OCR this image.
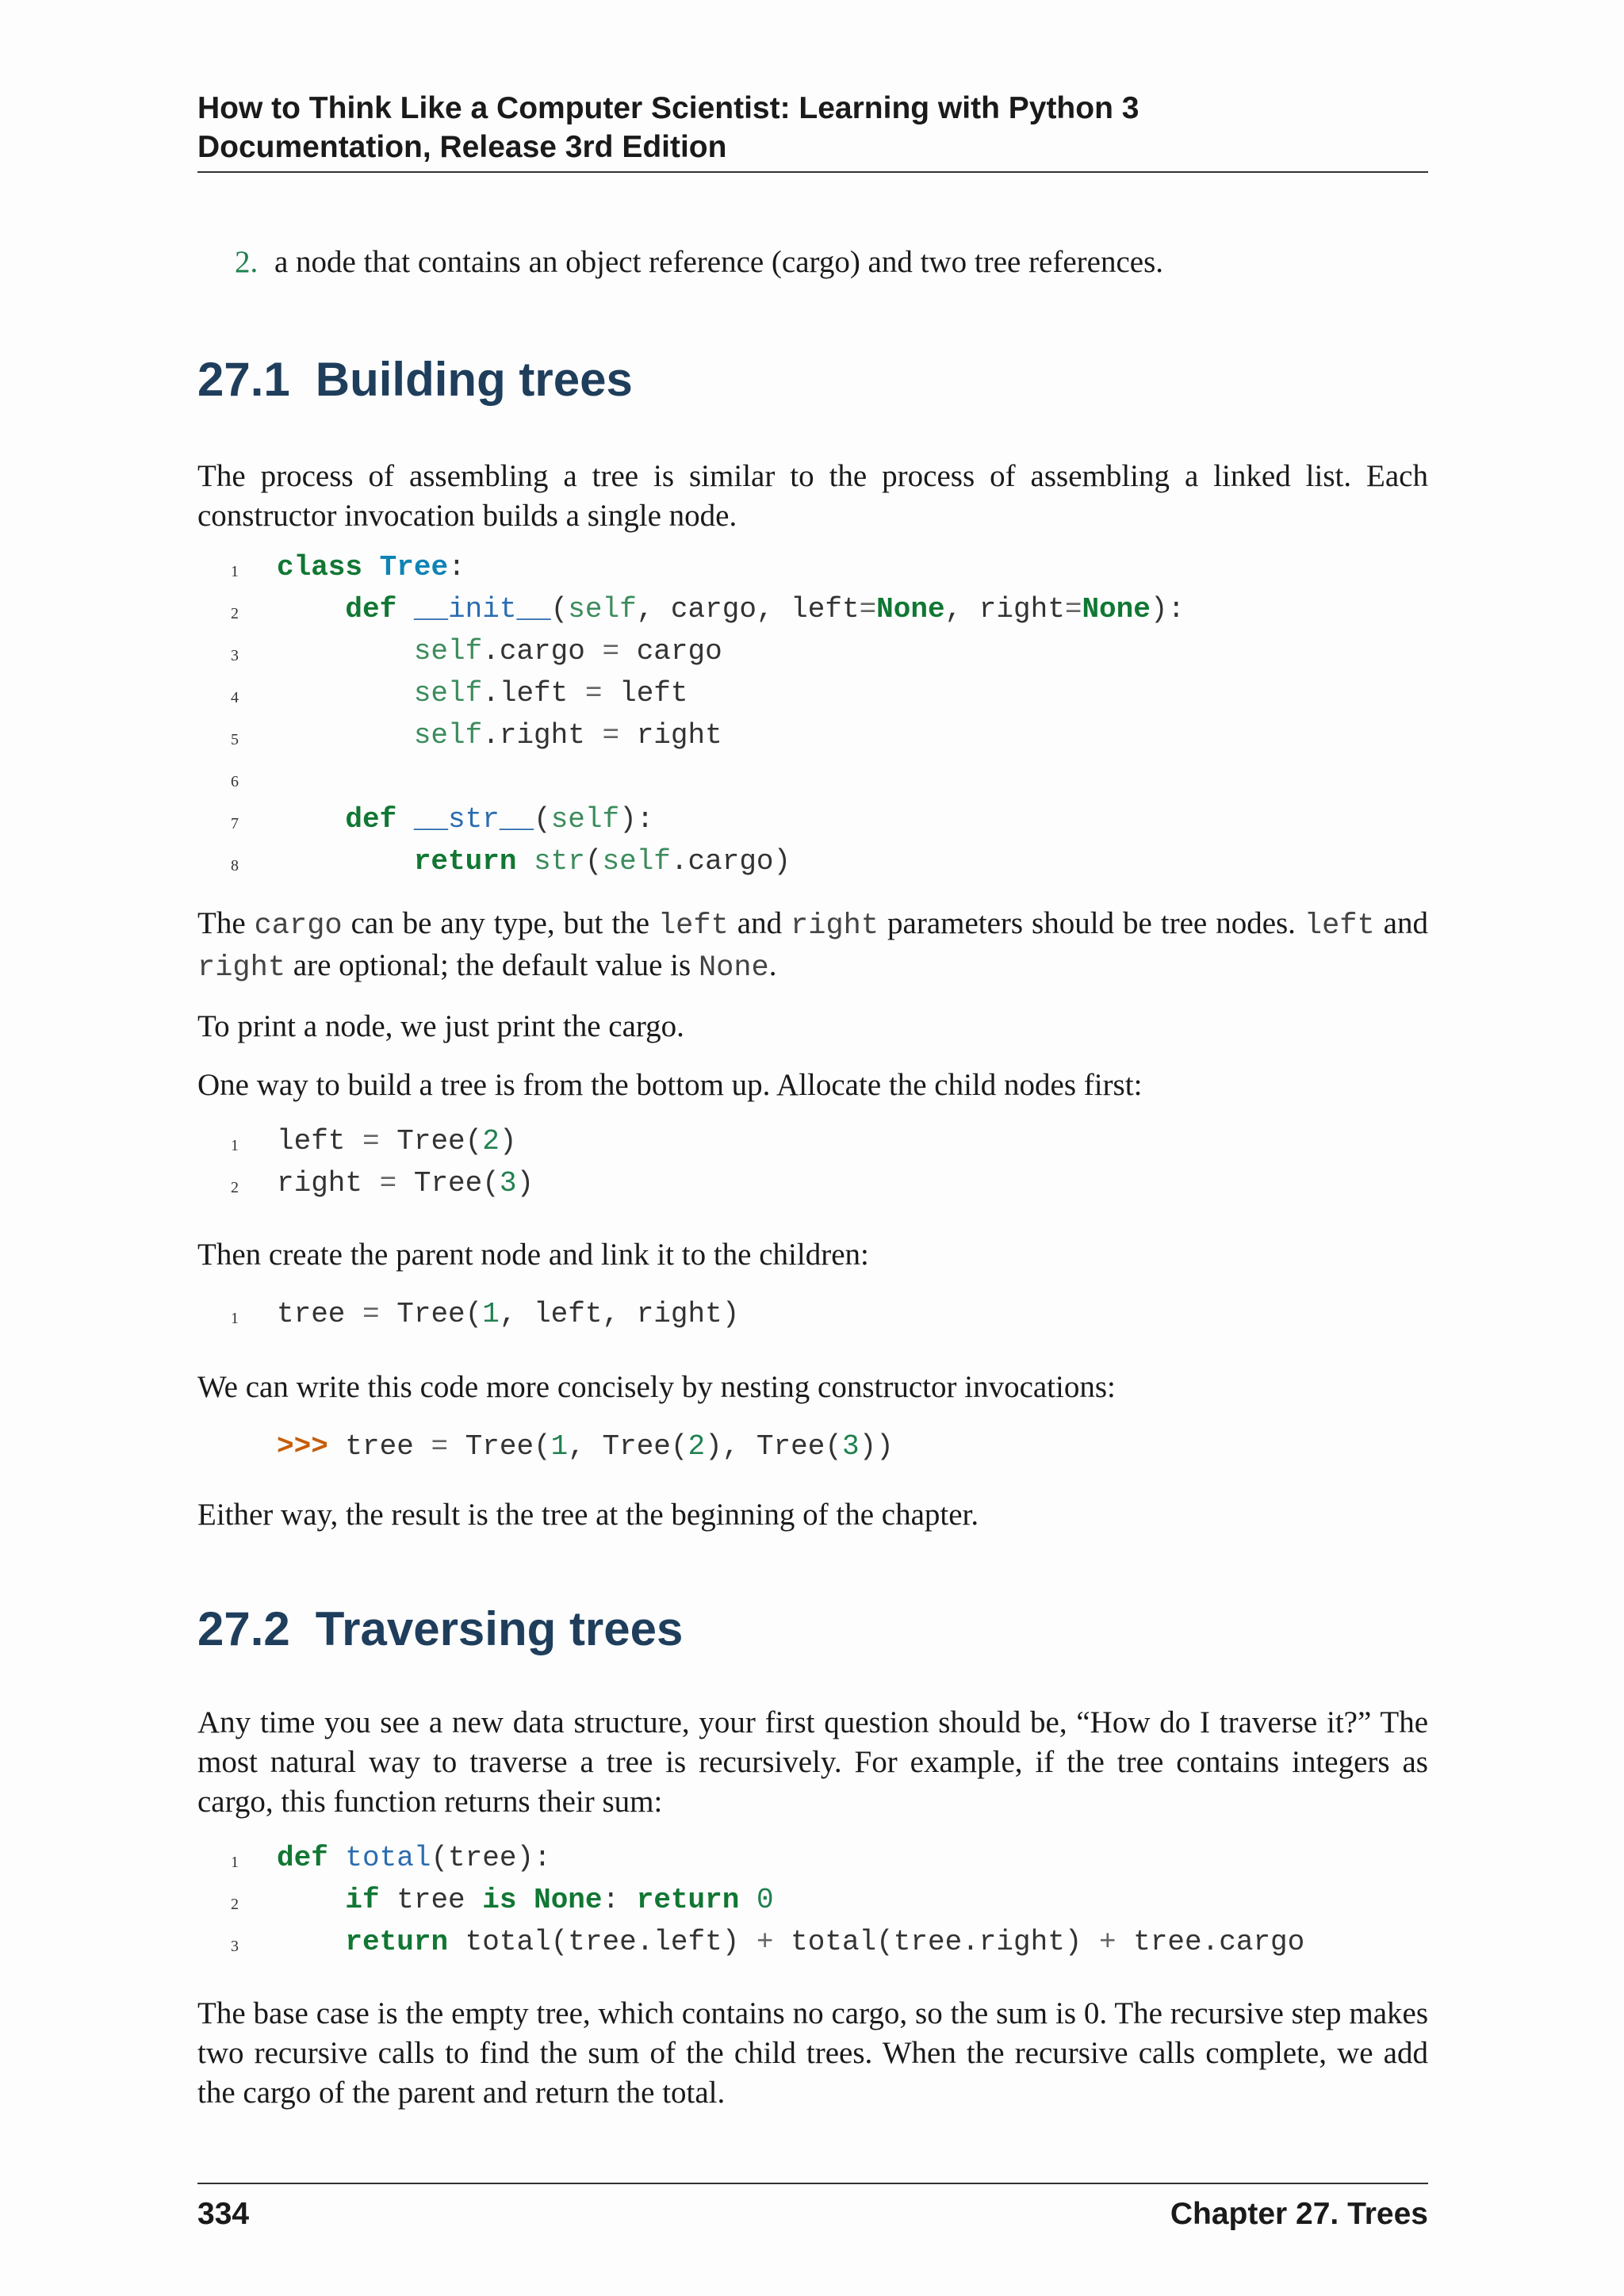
How to Think Like a Computer Scientist: Learning with Python 3
Documentation, Release 3rd Edition
2. a node that contains an object reference (cargo) and two tree references.
27.1 Building trees

The process of assembling a tree is similar to the process of assembling a linked list. Each constructor invocation builds a single node.

1	class Tree:
2	def __init__(self, cargo, left=None, right=None):
3	self.cargo = cargo
4	self.left = left
5	self.right = right
6

7	def __str__(self):
8	return str(self.cargo)

The cargo can be any type, but the left and right parameters should be tree nodes. left and right are optional; the default value is None.

To print a node, we just print the cargo.

One way to build a tree is from the bottom up. Allocate the child nodes first:

1	left = Tree(2)
2	right = Tree(3)

Then create the parent node and link it to the children:

1	tree = Tree(1, left, right)

We can write this code more concisely by nesting constructor invocations:

>>> tree = Tree(1, Tree(2), Tree(3))

Either way, the result is the tree at the beginning of the chapter.

27.2 Traversing trees

Any time you see a new data structure, your first question should be, “How do I traverse it?” The most natural way to traverse a tree is recursively. For example, if the tree contains integers as cargo, this function returns their sum:

1	def total(tree):
2	if tree is None: return 0
3	return total(tree.left) + total(tree.right) + tree.cargo

The base case is the empty tree, which contains no cargo, so the sum is 0. The recursive step makes two recursive calls to find the sum of the child trees. When the recursive calls complete, we add the cargo of the parent and return the total.

334	Chapter 27. Trees
